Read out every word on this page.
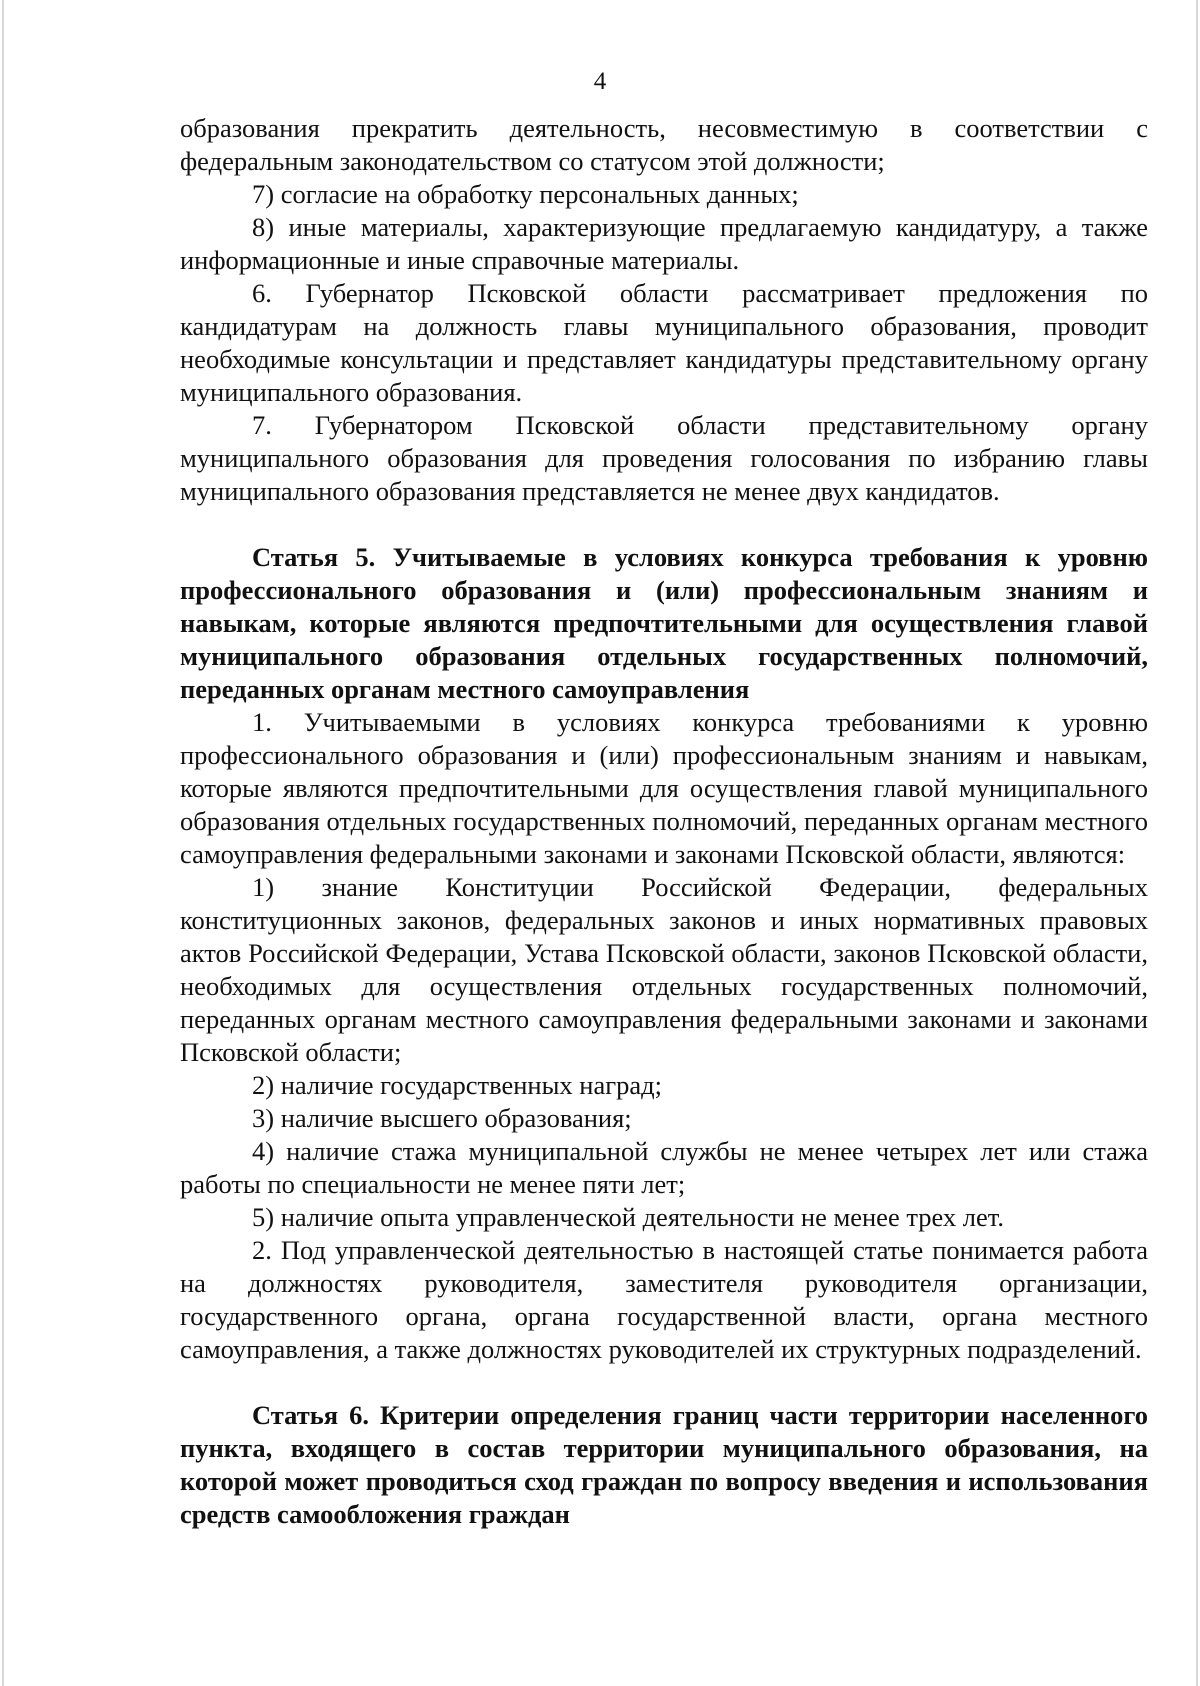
4

образования прекратить деятельность, несовместимую в соответствии с федеральным законодательством со статусом этой должности;

7) согласие на обработку персональных данных;

8) иные материалы, характеризующие предлагаемую кандидатуру, а также информационные и иные справочные материалы.

6. Губернатор Псковской области рассматривает предложения по кандидатурам на должность главы муниципального образования, проводит необходимые консультации и представляет кандидатуры представительному органу муниципального образования.

7. Губернатором Псковской области представительному органу муниципального образования для проведения голосования по избранию главы муниципального образования представляется не менее двух кандидатов.

Статья 5. Учитываемые в условиях конкурса требования к уровню профессионального образования и (или) профессиональным знаниям и навыкам, которые являются предпочтительными для осуществления главой муниципального образования отдельных государственных полномочий, переданных органам местного самоуправления

1. Учитываемыми в условиях конкурса требованиями к уровню профессионального образования и (или) профессиональным знаниям и навыкам, которые являются предпочтительными для осуществления главой муниципального образования отдельных государственных полномочий, переданных органам местного самоуправления федеральными законами и законами Псковской области, являются:

1) знание Конституции Российской Федерации, федеральных конституционных законов, федеральных законов и иных нормативных правовых актов Российской Федерации, Устава Псковской области, законов Псковской области, необходимых для осуществления отдельных государственных полномочий, переданных органам местного самоуправления федеральными законами и законами Псковской области;

2) наличие государственных наград;

3) наличие высшего образования;

4) наличие стажа муниципальной службы не менее четырех лет или стажа работы по специальности не менее пяти лет;

5) наличие опыта управленческой деятельности не менее трех лет.

2. Под управленческой деятельностью в настоящей статье понимается работа на должностях руководителя, заместителя руководителя организации, государственного органа, органа государственной власти, органа местного самоуправления, а также должностях руководителей их структурных подразделений.

Статья 6. Критерии определения границ части территории населенного пункта, входящего в состав территории муниципального образования, на которой может проводиться сход граждан по вопросу введения и использования средств самообложения граждан
